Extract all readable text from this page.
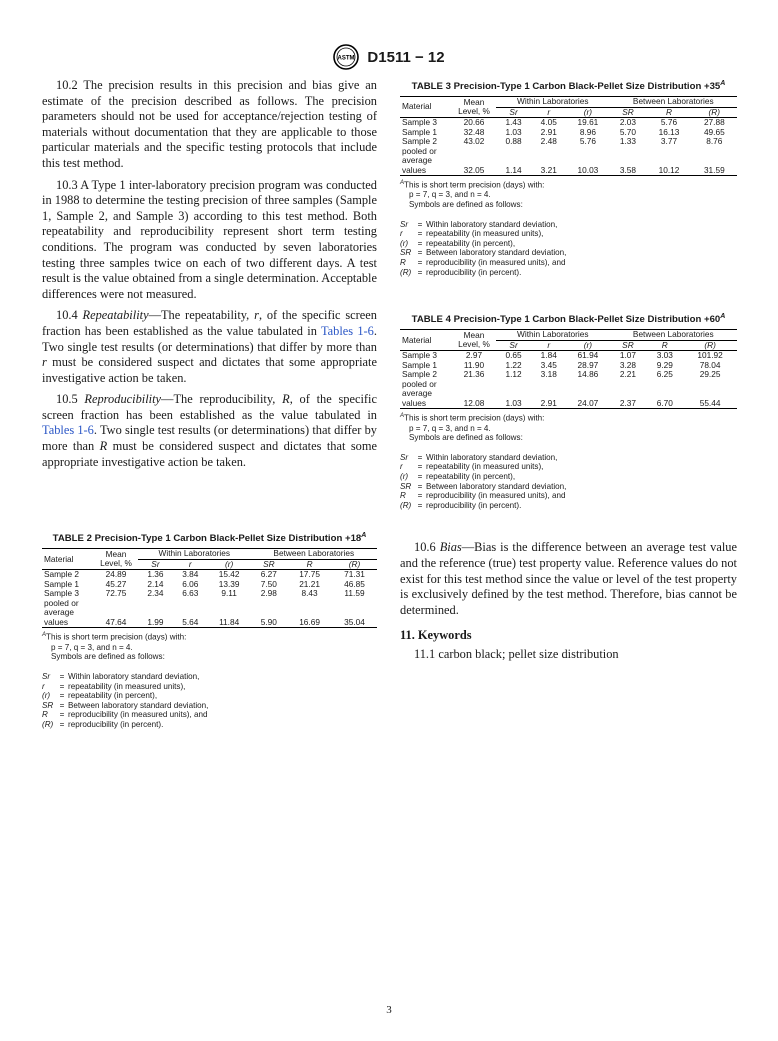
ASTM D1511 − 12

10.2 The precision results in this precision and bias give an estimate of the precision described as follows. The precision parameters should not be used for acceptance/rejection testing of materials without documentation that they are applicable to those particular materials and the specific testing protocols that include this test method.

10.3 A Type 1 inter-laboratory precision program was conducted in 1988 to determine the testing precision of three samples (Sample 1, Sample 2, and Sample 3) according to this test method. Both repeatability and reproducibility represent short term testing conditions. The program was conducted by seven laboratories testing three samples twice on each of two different days. A test result is the value obtained from a single determination. Acceptable differences were not measured.

10.4 Repeatability—The repeatability, r, of the specific screen fraction has been established as the value tabulated in Tables 1-6. Two single test results (or determinations) that differ by more than r must be considered suspect and dictates that some appropriate investigative action be taken.

10.5 Reproducibility—The reproducibility, R, of the specific screen fraction has been established as the value tabulated in Tables 1-6. Two single test results (or determinations) that differ by more than R must be considered suspect and dictates that some appropriate investigative action be taken.

TABLE 2 Precision-Type 1 Carbon Black-Pellet Size Distribution $+18^A$
Material	Mean Level, %	Within Laboratories			Between Laboratories		
		Sr	r	(r)	SR	R	(R)
Sample 2	24.89	1.36	3.84	15.42	6.27	17.75	71.31
Sample 1	45.27	2.14	6.06	13.39	7.50	21.21	46.85
Sample 3	72.75	2.34	6.63	9.11	2.98	8.43	11.59
pooled or average values	47.64	1.99	5.64	11.84	5.90	16.69	35.04
$^A$This is short term precision (days) with:
p = 7, q = 3, and n = 4.
Symbols are defined as follows:
Sr	= Within laboratory standard deviation,
r	= repeatability (in measured units),
(r)	= repeatability (in percent),
SR = Between laboratory standard deviation,
R	= reproducibility (in measured units), and
(R) = reproducibility (in percent).
TABLE 3 Precision-Type 1 Carbon Black-Pellet Size Distribution $+35^A$
Material	Mean Level, %	Within Laboratories			Between Laboratories		
		Sr	r	(r)	SR	R	(R)
Sample 3	20.66	1.43	4.05	19.61	2.03	5.76	27.88
Sample 1	32.48	1.03	2.91	8.96	5.70	16.13	49.65
Sample 2	43.02	0.88	2.48	5.76	1.33	3.77	8.76
pooled or average values	32.05	1.14	3.21	10.03	3.58	10.12	31.59
$^A$This is short term precision (days) with:
p = 7, q = 3, and n = 4.
Symbols are defined as follows:
Sr	= Within laboratory standard deviation,
r	= repeatability (in measured units),
(r)	= repeatability (in percent),
SR = Between laboratory standard deviation,
R	= reproducibility (in measured units), and
(R) = reproducibility (in percent).
TABLE 4 Precision-Type 1 Carbon Black-Pellet Size Distribution $+60^A$
Material	Mean Level, %	Within Laboratories			Between Laboratories		
		Sr	r	(r)	SR	R	(R)
Sample 3	2.97	0.65	1.84	61.94	1.07	3.03	101.92
Sample 1	11.90	1.22	3.45	28.97	3.28	9.29	78.04
Sample 2	21.36	1.12	3.18	14.86	2.21	6.25	29.25
pooled or average values	12.08	1.03	2.91	24.07	2.37	6.70	55.44
$^A$This is short term precision (days) with:
p = 7, q = 3, and n = 4.
Symbols are defined as follows:
Sr	= Within laboratory standard deviation,
r	= repeatability (in measured units),
(r)	= repeatability (in percent),
SR = Between laboratory standard deviation,
R	= reproducibility (in measured units), and
(R) = reproducibility (in percent).

10.6 Bias—Bias is the difference between an average test value and the reference (true) test property value. Reference values do not exist for this test method since the value or level of the test property is exclusively defined by the test method. Therefore, bias cannot be determined.

11. Keywords

11.1 carbon black; pellet size distribution

3
